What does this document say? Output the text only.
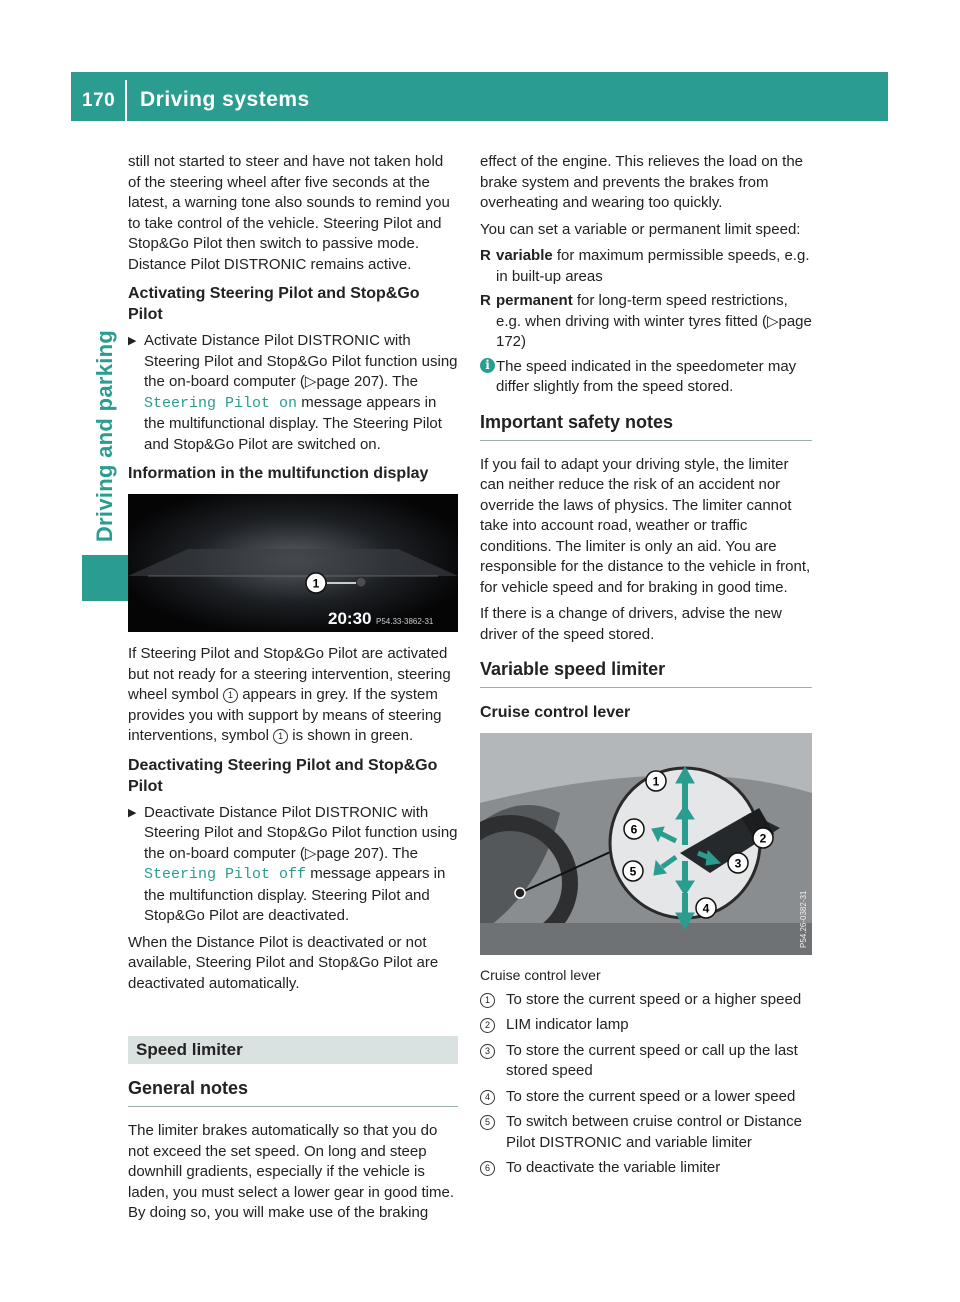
170 Driving systems
Driving and parking

still not started to steer and have not taken hold of the steering wheel after five seconds at the latest, a warning tone also sounds to remind you to take control of the vehicle. Steering Pilot and Stop&Go Pilot then switch to passive mode. Distance Pilot DISTRONIC remains active.

Activating Steering Pilot and Stop&Go Pilot
▶ Activate Distance Pilot DISTRONIC with Steering Pilot and Stop&Go Pilot function using the on-board computer (▷page 207). The Steering Pilot on message appears in the multifunctional display. The Steering Pilot and Stop&Go Pilot are switched on.
Information in the multifunction display
1
20:30 P54.33-3862-31

If Steering Pilot and Stop&Go Pilot are activated but not ready for a steering intervention, steering wheel symbol 1 appears in grey. If the system provides you with support by means of steering interventions, symbol 1 is shown in green.

Deactivating Steering Pilot and Stop&Go Pilot
▶ Deactivate Distance Pilot DISTRONIC with Steering Pilot and Stop&Go Pilot function using the on-board computer (▷page 207). The Steering Pilot off message appears in the multifunction display. Steering Pilot and Stop&Go Pilot are deactivated.

When the Distance Pilot is deactivated or not available, Steering Pilot and Stop&Go Pilot are deactivated automatically.

Speed limiter
General notes

The limiter brakes automatically so that you do not exceed the set speed. On long and steep downhill gradients, especially if the vehicle is laden, you must select a lower gear in good time. By doing so, you will make use of the braking

effect of the engine. This relieves the load on the brake system and prevents the brakes from overheating and wearing too quickly.

You can set a variable or permanent limit speed:

R variable for maximum permissible speeds, e.g. in built-up areas
R permanent for long-term speed restrictions, e.g. when driving with winter tyres fitted (▷page 172)
i The speed indicated in the speedometer may differ slightly from the speed stored.
Important safety notes

If you fail to adapt your driving style, the limiter can neither reduce the risk of an accident nor override the laws of physics. The limiter cannot take into account road, weather or traffic conditions. The limiter is only an aid. You are responsible for the distance to the vehicle in front, for vehicle speed and for braking in good time.

If there is a change of drivers, advise the new driver of the speed stored.

Variable speed limiter
Cruise control lever
1
2
3
4
5
6
P54.26-0382-31

Cruise control lever

1	To store the current speed or a higher speed
2	LIM indicator lamp
3	To store the current speed or call up the last stored speed
4	To store the current speed or a lower speed
5	To switch between cruise control or Distance Pilot DISTRONIC and variable limiter
6	To deactivate the variable limiter
